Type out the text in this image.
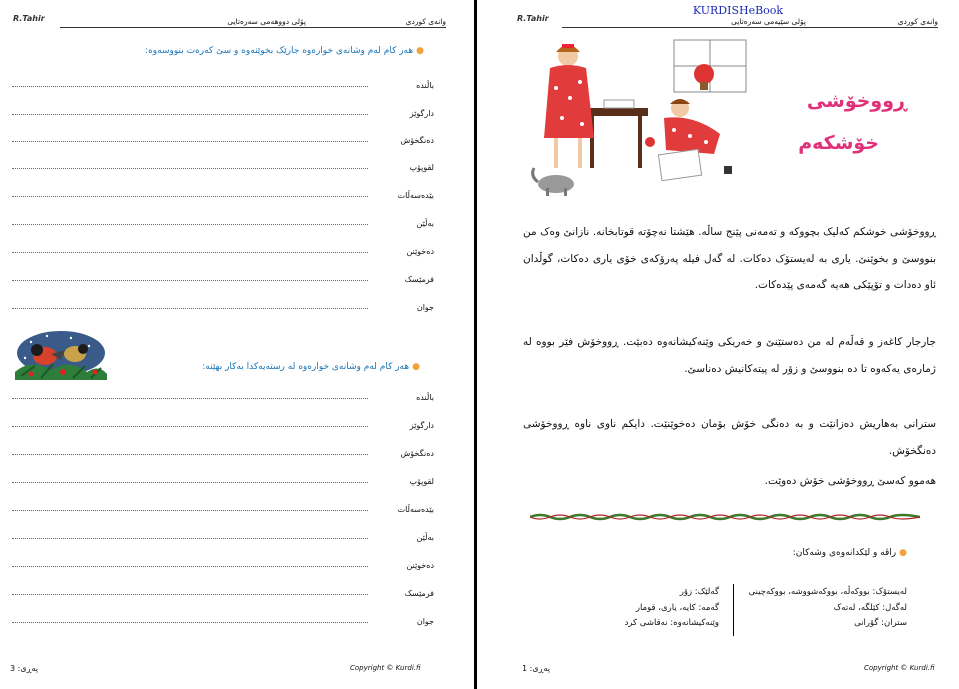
R.Tahir	وانەی کوردی
پۆلی دووهەمی سەرەتایی
●هەر کام لەم وشانەی خوارەوە جارێک بخوێنەوە و سێ کەرەت بنووسەوە:
باڵندە
دارگوێز
دەنگخۆش
لقوپۆپ
بێدەسەڵات
بەڵێن
دەخوێنن
فرمێسک
جوان
●هەر کام لەم وشانەی خوارەوە لە رستەیەکدا بەکار بهێنە:
باڵندە
دارگوێز
دەنگخۆش
لقوپۆپ
بێدەسەڵات
بەڵێن
دەخوێنن
فرمێسک
جوان
Copyright © Kurdi.fi
پەڕی: 3
KURDISHeBook
R.Tahir	وانەی کوردی
پۆلی سێیەمی سەرەتایی
ڕووخۆشی
خۆشکەم
ڕووخۆشی خوشکم کەلیک بچووکە و تەمەنی پێنج ساڵە. هێشتا نەچۆتە قوتابخانە. نازانێ وەک من بنووسێ و بخوێنێ. یاری بە لەیستۆک دەکات. لە گەل فیلە پەرۆکەی خۆی یاری دەکات، گوڵدان ئاو دەدات و تۆپێکی هەیە گەمەی پێدەکات.
جارجار کاغەز و قەڵەم لە من دەستێنێ و خەریکی وێنەکیشانەوە دەبێت. ڕووخۆش فێر بووە لە ژمارەی یەکەوە تا دە بنووسێ و زۆر لە پیتەکانیش دەناسێ.
سترانی بەهاریش دەزانێت و بە دەنگی خۆش بۆمان دەخوێنێت. دایکم ناوی ناوە ڕووخۆشی دەنگخۆش.
هەموو کەسێ ڕووخۆشی خۆش دەوێت.
●راڤە و لێکدانەوەی وشەکان:
لەیستۆک: بووکەڵە، بووکەشووشە، بووکەچینی
لەگەل: کێلگە، لەتەک
ستران: گۆرانی
گەلێک: زۆر
گەمە: کایە، یاری، قومار
وێنەکیشانەوە: نەقاشی کرد
Copyright © Kurdi.fi
پەڕی: 1
